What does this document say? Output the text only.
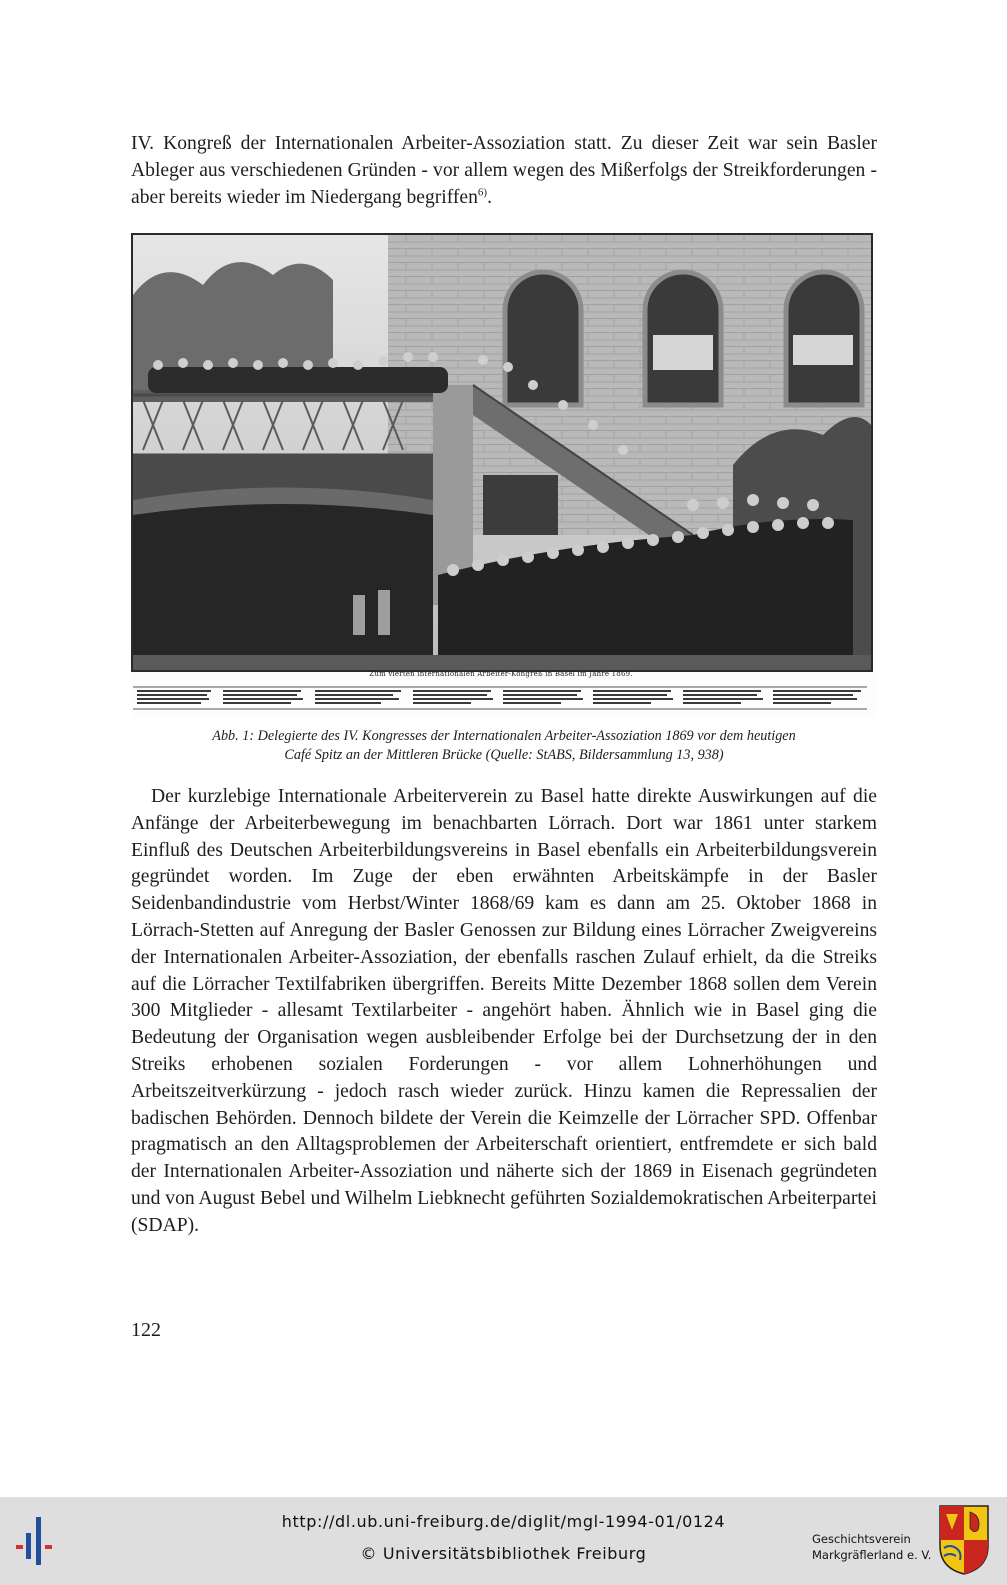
IV. Kongreß der Internationalen Arbeiter-Assoziation statt. Zu dieser Zeit war sein Basler Ableger aus verschiedenen Gründen - vor allem wegen des Mißerfolgs der Streikforderungen - aber bereits wieder im Niedergang begriffen$^{6)}$.

Zum vierten internationalen Arbeiter-Kongreß in Basel im Jahre 1869.

Abb. 1: Delegierte des IV. Kongresses der Internationalen Arbeiter-Assoziation 1869 vor dem heutigen
Café Spitz an der Mittleren Brücke (Quelle: StABS, Bildersammlung 13, 938)

Der kurzlebige Internationale Arbeiterverein zu Basel hatte direkte Auswirkungen auf die Anfänge der Arbeiterbewegung im benachbarten Lörrach. Dort war 1861 unter starkem Einfluß des Deutschen Arbeiterbildungsvereins in Basel ebenfalls ein Arbeiterbildungsverein gegründet worden. Im Zuge der eben erwähnten Arbeitskämpfe in der Basler Seidenbandindustrie vom Herbst/Winter 1868/69 kam es dann am 25. Oktober 1868 in Lörrach-Stetten auf Anregung der Basler Genossen zur Bildung eines Lörracher Zweigvereins der Internationalen Arbeiter-Assoziation, der ebenfalls raschen Zulauf erhielt, da die Streiks auf die Lörracher Textilfabriken übergriffen. Bereits Mitte Dezember 1868 sollen dem Verein 300 Mitglieder - allesamt Textilarbeiter - angehört haben. Ähnlich wie in Basel ging die Bedeutung der Organisation wegen ausbleibender Erfolge bei der Durchsetzung der in den Streiks erhobenen sozialen Forderungen - vor allem Lohnerhöhungen und Arbeitszeitverkürzung - jedoch rasch wieder zurück. Hinzu kamen die Repressalien der badischen Behörden. Dennoch bildete der Verein die Keimzelle der Lörracher SPD. Offenbar pragmatisch an den Alltagsproblemen der Arbeiterschaft orientiert, entfremdete er sich bald der Internationalen Arbeiter-Assoziation und näherte sich der 1869 in Eisenach gegründeten und von August Bebel und Wilhelm Liebknecht geführten Sozialdemokratischen Arbeiterpartei (SDAP).

122

http://dl.ub.uni-freiburg.de/diglit/mgl-1994-01/0124
© Universitätsbibliothek Freiburg
Geschichtsverein
Markgräflerland e. V.
